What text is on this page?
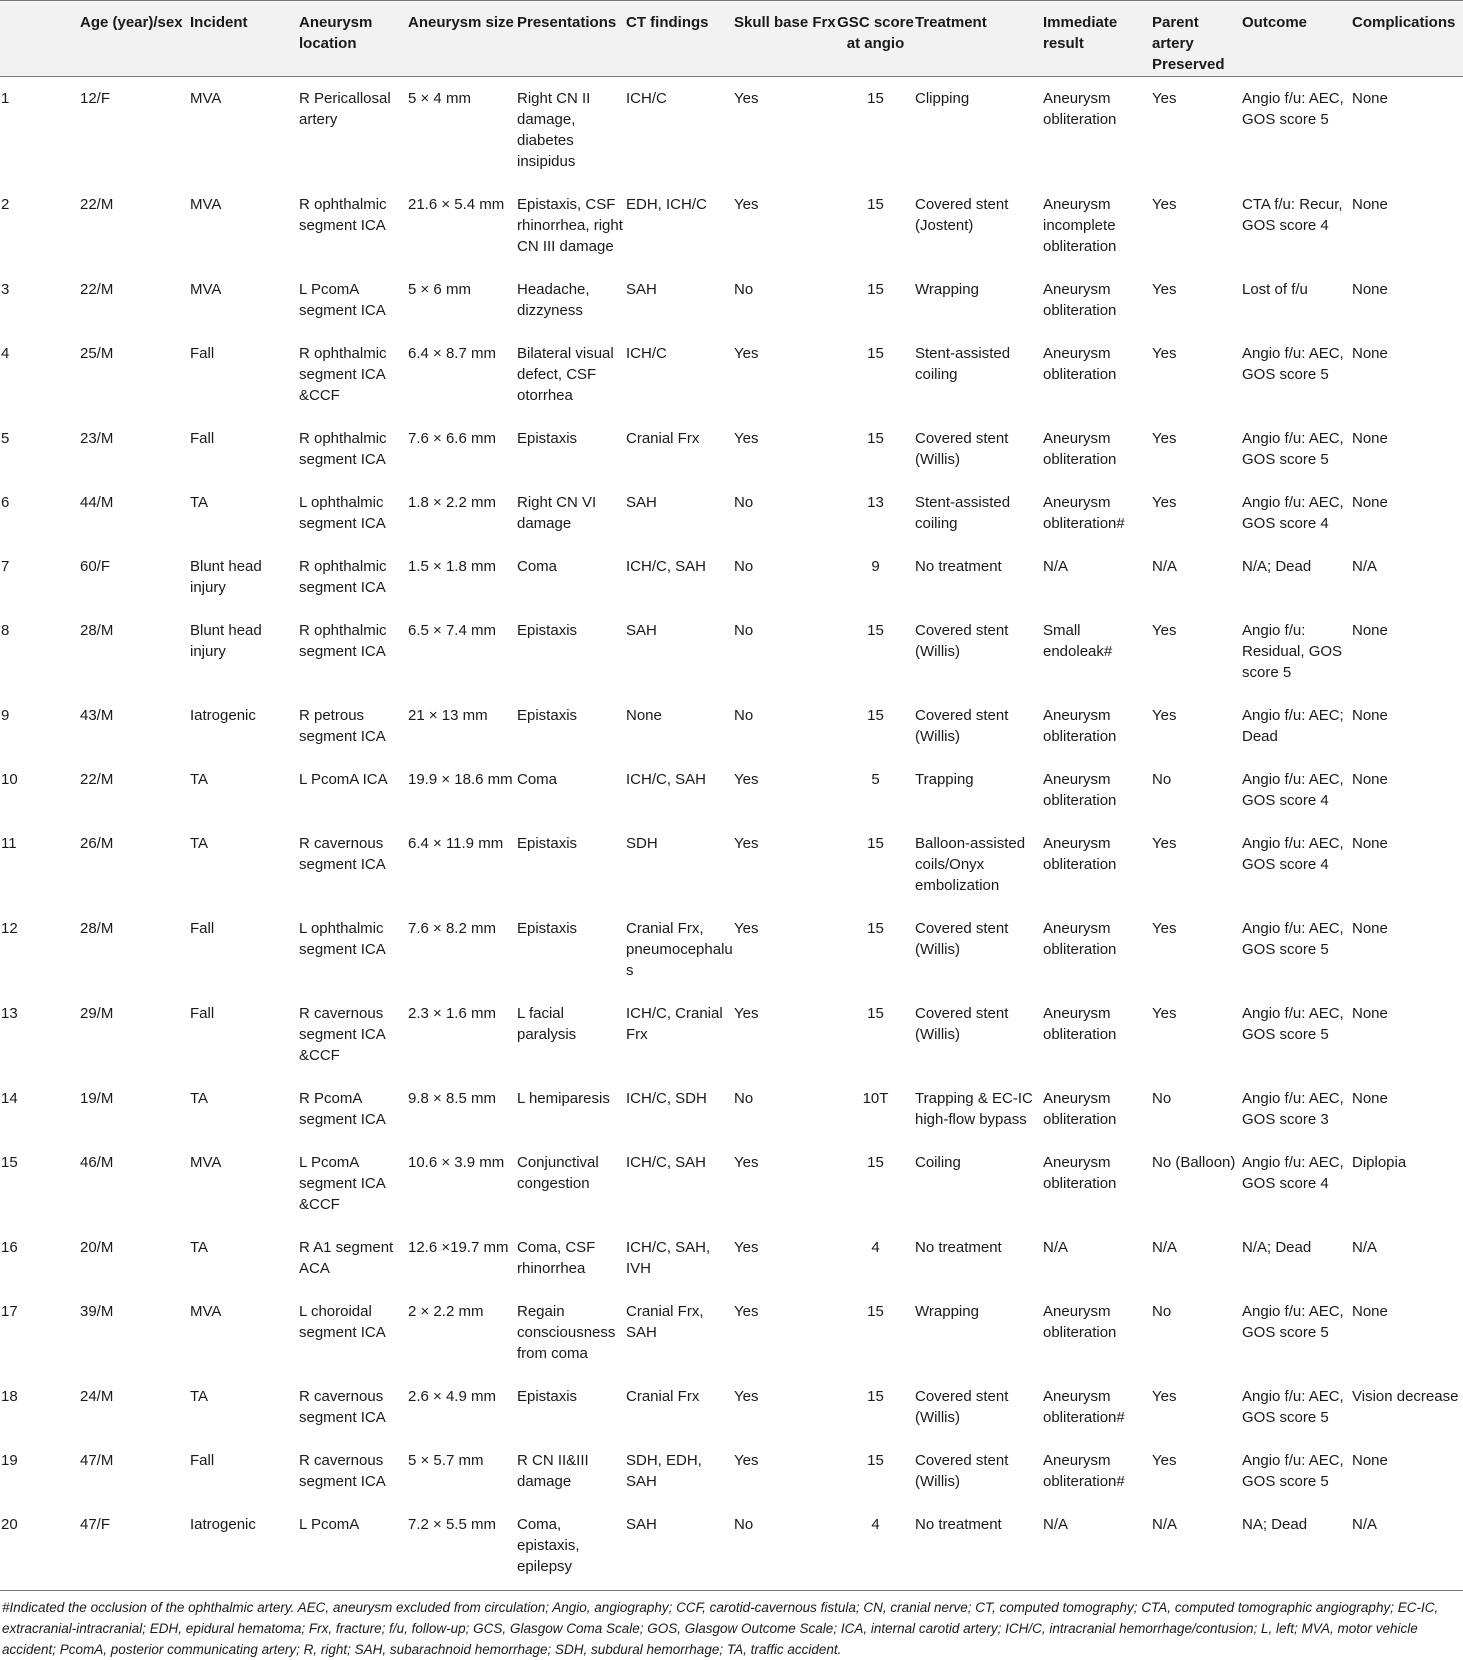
	Age (year)/sex	Incident	Aneurysm location	Aneurysm size	Presentations	CT findings	Skull base Frx	GSC score at angio	Treatment	Immediate result	Parent artery Preserved	Outcome	Complications
1	12/F	MVA	R Pericallosal artery	5 × 4 mm	Right CN II damage, diabetes insipidus	ICH/C	Yes	15	Clipping	Aneurysm obliteration	Yes	Angio f/u: AEC, GOS score 5	None
2	22/M	MVA	R ophthalmic segment ICA	21.6 × 5.4 mm	Epistaxis, CSF rhinorrhea, right CN III damage	EDH, ICH/C	Yes	15	Covered stent (Jostent)	Aneurysm incomplete obliteration	Yes	CTA f/u: Recur, GOS score 4	None
3	22/M	MVA	L PcomA segment ICA	5 × 6 mm	Headache, dizzyness	SAH	No	15	Wrapping	Aneurysm obliteration	Yes	Lost of f/u	None
4	25/M	Fall	R ophthalmic segment ICA &CCF	6.4 × 8.7 mm	Bilateral visual defect, CSF otorrhea	ICH/C	Yes	15	Stent-assisted coiling	Aneurysm obliteration	Yes	Angio f/u: AEC, GOS score 5	None
5	23/M	Fall	R ophthalmic segment ICA	7.6 × 6.6 mm	Epistaxis	Cranial Frx	Yes	15	Covered stent (Willis)	Aneurysm obliteration	Yes	Angio f/u: AEC, GOS score 5	None
6	44/M	TA	L ophthalmic segment ICA	1.8 × 2.2 mm	Right CN VI damage	SAH	No	13	Stent-assisted coiling	Aneurysm obliteration#	Yes	Angio f/u: AEC, GOS score 4	None
7	60/F	Blunt head injury	R ophthalmic segment ICA	1.5 × 1.8 mm	Coma	ICH/C, SAH	No	9	No treatment	N/A	N/A	N/A; Dead	N/A
8	28/M	Blunt head injury	R ophthalmic segment ICA	6.5 × 7.4 mm	Epistaxis	SAH	No	15	Covered stent (Willis)	Small endoleak#	Yes	Angio f/u: Residual, GOS score 5	None
9	43/M	Iatrogenic	R petrous segment ICA	21 × 13 mm	Epistaxis	None	No	15	Covered stent (Willis)	Aneurysm obliteration	Yes	Angio f/u: AEC; Dead	None
10	22/M	TA	L PcomA ICA	19.9 × 18.6 mm	Coma	ICH/C, SAH	Yes	5	Trapping	Aneurysm obliteration	No	Angio f/u: AEC, GOS score 4	None
11	26/M	TA	R cavernous segment ICA	6.4 × 11.9 mm	Epistaxis	SDH	Yes	15	Balloon-assisted coils/Onyx embolization	Aneurysm obliteration	Yes	Angio f/u: AEC, GOS score 4	None
12	28/M	Fall	L ophthalmic segment ICA	7.6 × 8.2 mm	Epistaxis	Cranial Frx, pneumocephalus	Yes	15	Covered stent (Willis)	Aneurysm obliteration	Yes	Angio f/u: AEC, GOS score 5	None
13	29/M	Fall	R cavernous segment ICA &CCF	2.3 × 1.6 mm	L facial paralysis	ICH/C, Cranial Frx	Yes	15	Covered stent (Willis)	Aneurysm obliteration	Yes	Angio f/u: AEC, GOS score 5	None
14	19/M	TA	R PcomA segment ICA	9.8 × 8.5 mm	L hemiparesis	ICH/C, SDH	No	10T	Trapping & EC-IC high-flow bypass	Aneurysm obliteration	No	Angio f/u: AEC, GOS score 3	None
15	46/M	MVA	L PcomA segment ICA &CCF	10.6 × 3.9 mm	Conjunctival congestion	ICH/C, SAH	Yes	15	Coiling	Aneurysm obliteration	No (Balloon)	Angio f/u: AEC, GOS score 4	Diplopia
16	20/M	TA	R A1 segment ACA	12.6 ×19.7 mm	Coma, CSF rhinorrhea	ICH/C, SAH, IVH	Yes	4	No treatment	N/A	N/A	N/A; Dead	N/A
17	39/M	MVA	L choroidal segment ICA	2 × 2.2 mm	Regain consciousness from coma	Cranial Frx, SAH	Yes	15	Wrapping	Aneurysm obliteration	No	Angio f/u: AEC, GOS score 5	None
18	24/M	TA	R cavernous segment ICA	2.6 × 4.9 mm	Epistaxis	Cranial Frx	Yes	15	Covered stent (Willis)	Aneurysm obliteration#	Yes	Angio f/u: AEC, GOS score 5	Vision decrease
19	47/M	Fall	R cavernous segment ICA	5 × 5.7 mm	R CN II&III damage	SDH, EDH, SAH	Yes	15	Covered stent (Willis)	Aneurysm obliteration#	Yes	Angio f/u: AEC, GOS score 5	None
20	47/F	Iatrogenic	L PcomA	7.2 × 5.5 mm	Coma, epistaxis, epilepsy	SAH	No	4	No treatment	N/A	N/A	NA; Dead	N/A
#Indicated the occlusion of the ophthalmic artery. AEC, aneurysm excluded from circulation; Angio, angiography; CCF, carotid-cavernous fistula; CN, cranial nerve; CT, computed tomography; CTA, computed tomographic angiography; EC-IC, extracranial-intracranial; EDH, epidural hematoma; Frx, fracture; f/u, follow-up; GCS, Glasgow Coma Scale; GOS, Glasgow Outcome Scale; ICA, internal carotid artery; ICH/C, intracranial hemorrhage/contusion; L, left; MVA, motor vehicle accident; PcomA, posterior communicating artery; R, right; SAH, subarachnoid hemorrhage; SDH, subdural hemorrhage; TA, traffic accident.
